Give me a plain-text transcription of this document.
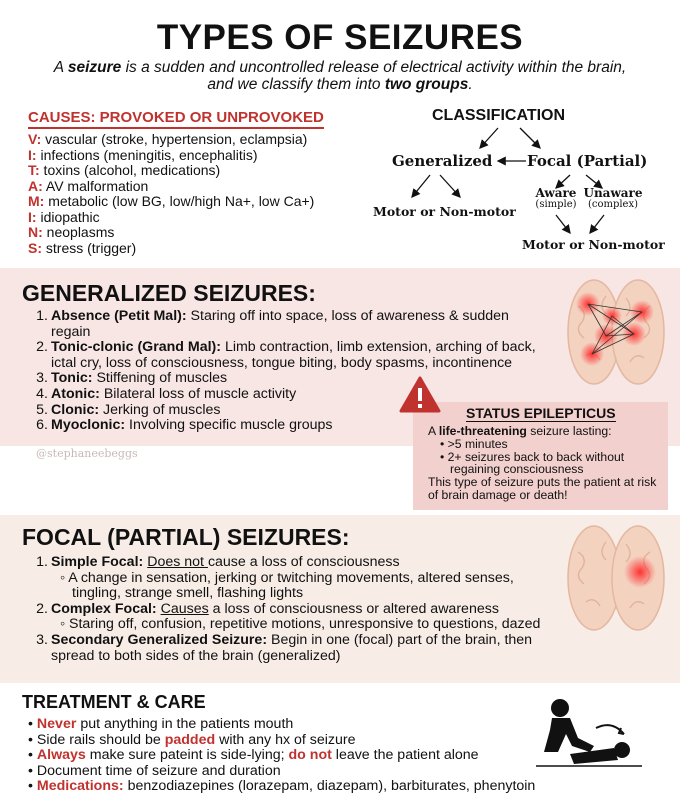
TYPES OF SEIZURES
A seizure is a sudden and uncontrolled release of electrical activity within the brain, and we classify them into two groups.
CAUSES: PROVOKED OR UNPROVOKED
V: vascular (stroke, hypertension, eclampsia)
I: infections (meningitis, encephalitis)
T: toxins (alcohol, medications)
A: AV malformation
M: metabolic (low BG, low/high Na+, low Ca+)
I: idiopathic
N: neoplasms
S: stress (trigger)
CLASSIFICATION
Generalized Focal (Partial)
Motor or Non-motor
Aware
(simple)
Unaware
(complex)
Motor or Non-motor
GENERALIZED SEIZURES:
1. Absence (Petit Mal): Staring off into space, loss of awareness & sudden
regain
2. Tonic-clonic (Grand Mal): Limb contraction, limb extension, arching of back,
ictal cry, loss of consciousness, tongue biting, body spasms, incontinence
3. Tonic: Stiffening of muscles
4. Atonic: Bilateral loss of muscle activity
5. Clonic: Jerking of muscles
6. Myoclonic: Involving specific muscle groups
@stephaneebeggs
STATUS EPILEPTICUS
A life-threatening seizure lasting:
• >5 minutes
• 2+ seizures back to back without
regaining consciousness
This type of seizure puts the patient at risk
of brain damage or death!
FOCAL (PARTIAL) SEIZURES:
1. Simple Focal: Does not cause a loss of consciousness
◦ A change in sensation, jerking or twitching movements, altered senses,
tingling, strange smell, flashing lights
2. Complex Focal: Causes a loss of consciousness or altered awareness
◦ Staring off, confusion, repetitive motions, unresponsive to questions, dazed
3. Secondary Generalized Seizure: Begin in one (focal) part of the brain, then
spread to both sides of the brain (generalized)
TREATMENT & CARE
• Never put anything in the patients mouth
• Side rails should be padded with any hx of seizure
• Always make sure pateint is side-lying; do not leave the patient alone
• Document time of seizure and duration
• Medications: benzodiazepines (lorazepam, diazepam), barbiturates, phenytoin
